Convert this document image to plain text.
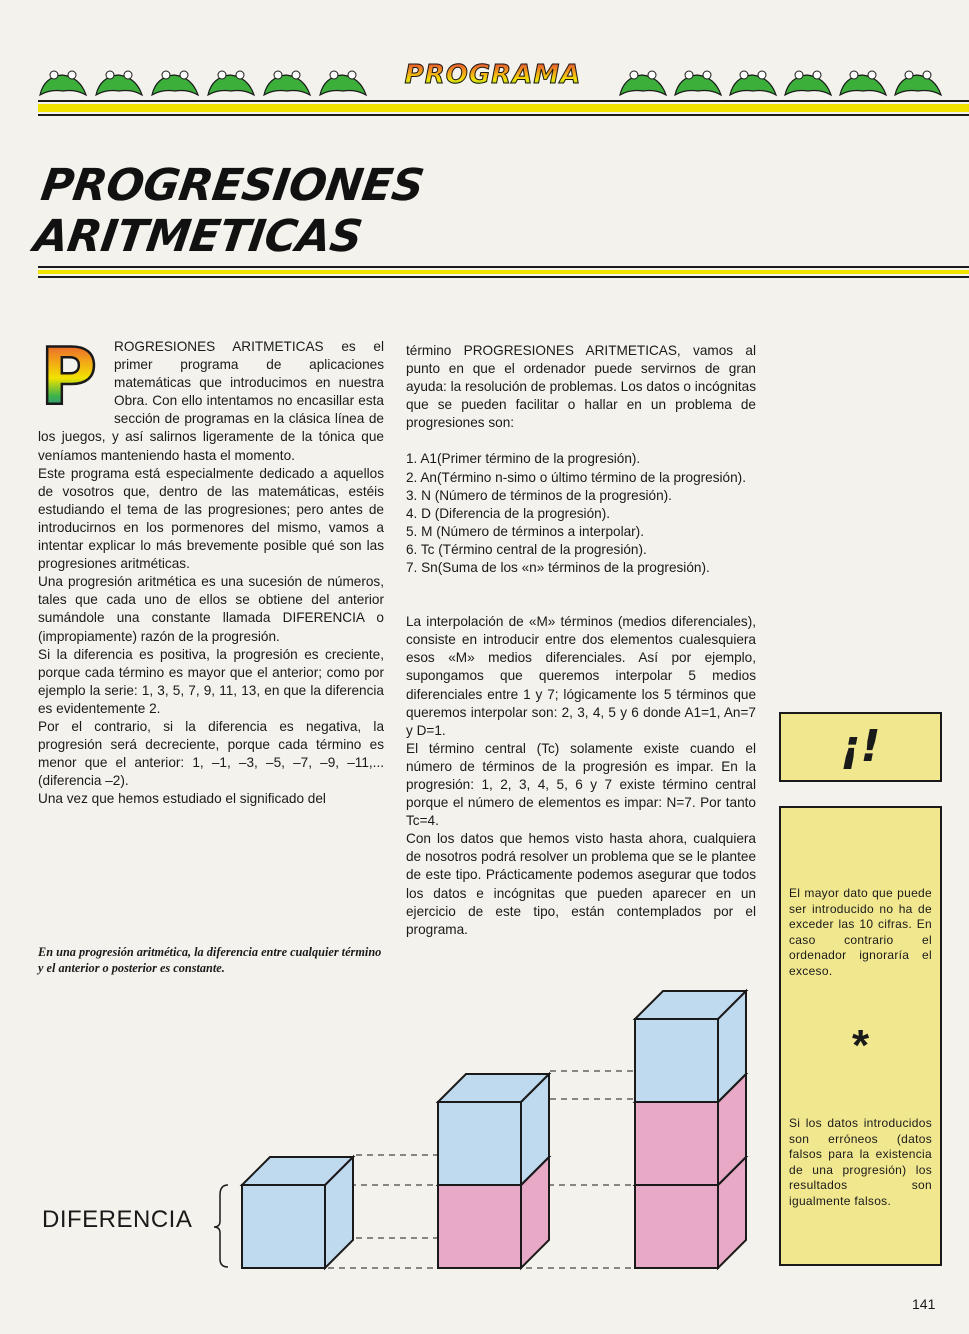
PROGRAMA
PROGRESIONES ARITMETICAS
P	ROGRESIONES ARITMETICAS es el primer programa de aplicaciones matemáticas que introducimos en nuestra Obra. Con ello intentamos no encasillar esta sección de programas en la clásica línea de los juegos, y así salirnos ligeramente de la tónica que veníamos manteniendo hasta el momento.

Este programa está especialmente dedicado a aquellos de vosotros que, dentro de las matemáticas, estéis estudiando el tema de las progresiones; pero antes de introducirnos en los pormenores del mismo, vamos a intentar explicar lo más brevemente posible qué son las progresiones aritméticas.

Una progresión aritmética es una sucesión de números, tales que cada uno de ellos se obtiene del anterior sumándole una constante llamada DIFERENCIA o (impropiamente) razón de la progresión.

Si la diferencia es positiva, la progresión es creciente, porque cada término es mayor que el anterior; como por ejemplo la serie: 1, 3, 5, 7, 9, 11, 13, en que la diferencia es evidentemente 2.

Por el contrario, si la diferencia es negativa, la progresión será decreciente, porque cada término es menor que el anterior: 1, –1, –3, –5, –7, –9, –11,... (diferencia –2).

Una vez que hemos estudiado el significado del

En una progresión aritmética, la diferencia entre cualquier término y el anterior o posterior es constante.

término PROGRESIONES ARITMETICAS, vamos al punto en que el ordenador puede servirnos de gran ayuda: la resolución de problemas. Los datos o incógnitas que se pueden facilitar o hallar en un problema de progresiones son:

1. A1(Primer término de la progresión).
2. An(Término n-simo o último término de la progresión).
3. N (Número de términos de la progresión).
4. D (Diferencia de la progresión).
5. M (Número de términos a interpolar).
6. Tc (Término central de la progresión).
7. Sn(Suma de los «n» términos de la progresión).

La interpolación de «M» términos (medios diferenciales), consiste en introducir entre dos elementos cualesquiera esos «M» medios diferenciales. Así por ejemplo, supongamos que queremos interpolar 5 medios diferenciales entre 1 y 7; lógicamente los 5 términos que queremos interpolar son: 2, 3, 4, 5 y 6 donde A1=1, An=7 y D=1.

El término central (Tc) solamente existe cuando el número de términos de la progresión es impar. En la progresión: 1, 2, 3, 4, 5, 6 y 7 existe término central porque el número de elementos es impar: N=7. Por tanto Tc=4.

Con los datos que hemos visto hasta ahora, cualquiera de nosotros podrá resolver un problema que se le plantee de este tipo. Prácticamente podemos asegurar que todos los datos e incógnitas que pueden aparecer en un ejercicio de este tipo, están contemplados por el programa.

¡!
El mayor dato que puede ser introducido no ha de exceder las 10 cifras. En caso contrario el ordenador ignoraría el exceso.
*
Si los datos introducidos son erróneos (datos falsos para la existencia de una progresión) los resultados son igualmente falsos.
DIFERENCIA
141
